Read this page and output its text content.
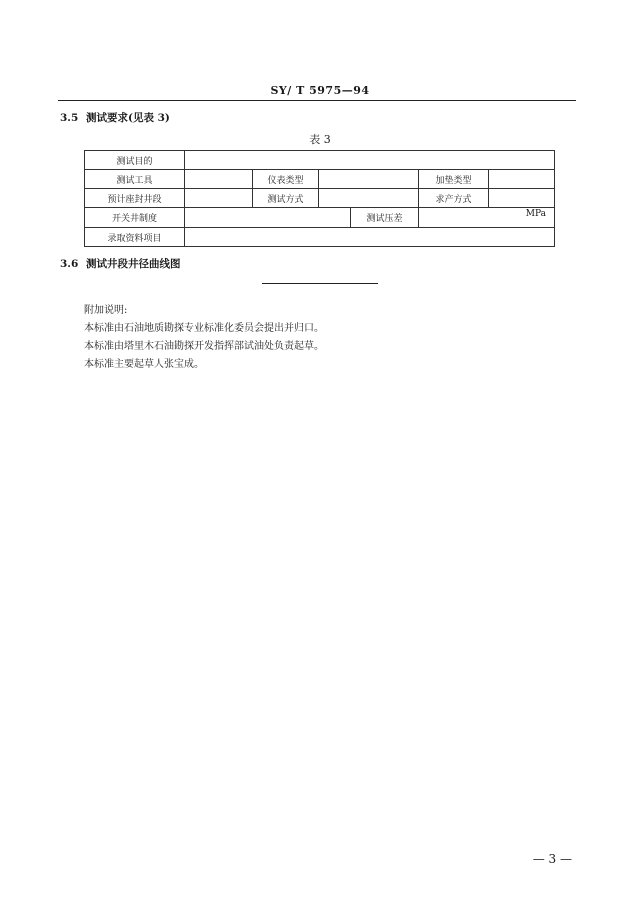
SY/ T 5975—94
3.5 测试要求(见表 3)
表 3
测试目的						
测试工具		仪表类型			加垫类型	
预计座封井段		测试方式			求产方式	
开关井制度				测试压差	MPa	
录取资料项目						
3.6 测试井段井径曲线图
附加说明:
本标准由石油地质勘探专业标准化委员会提出并归口。
本标准由塔里木石油勘探开发指挥部试油处负责起草。
本标准主要起草人张宝成。
— 3 —
